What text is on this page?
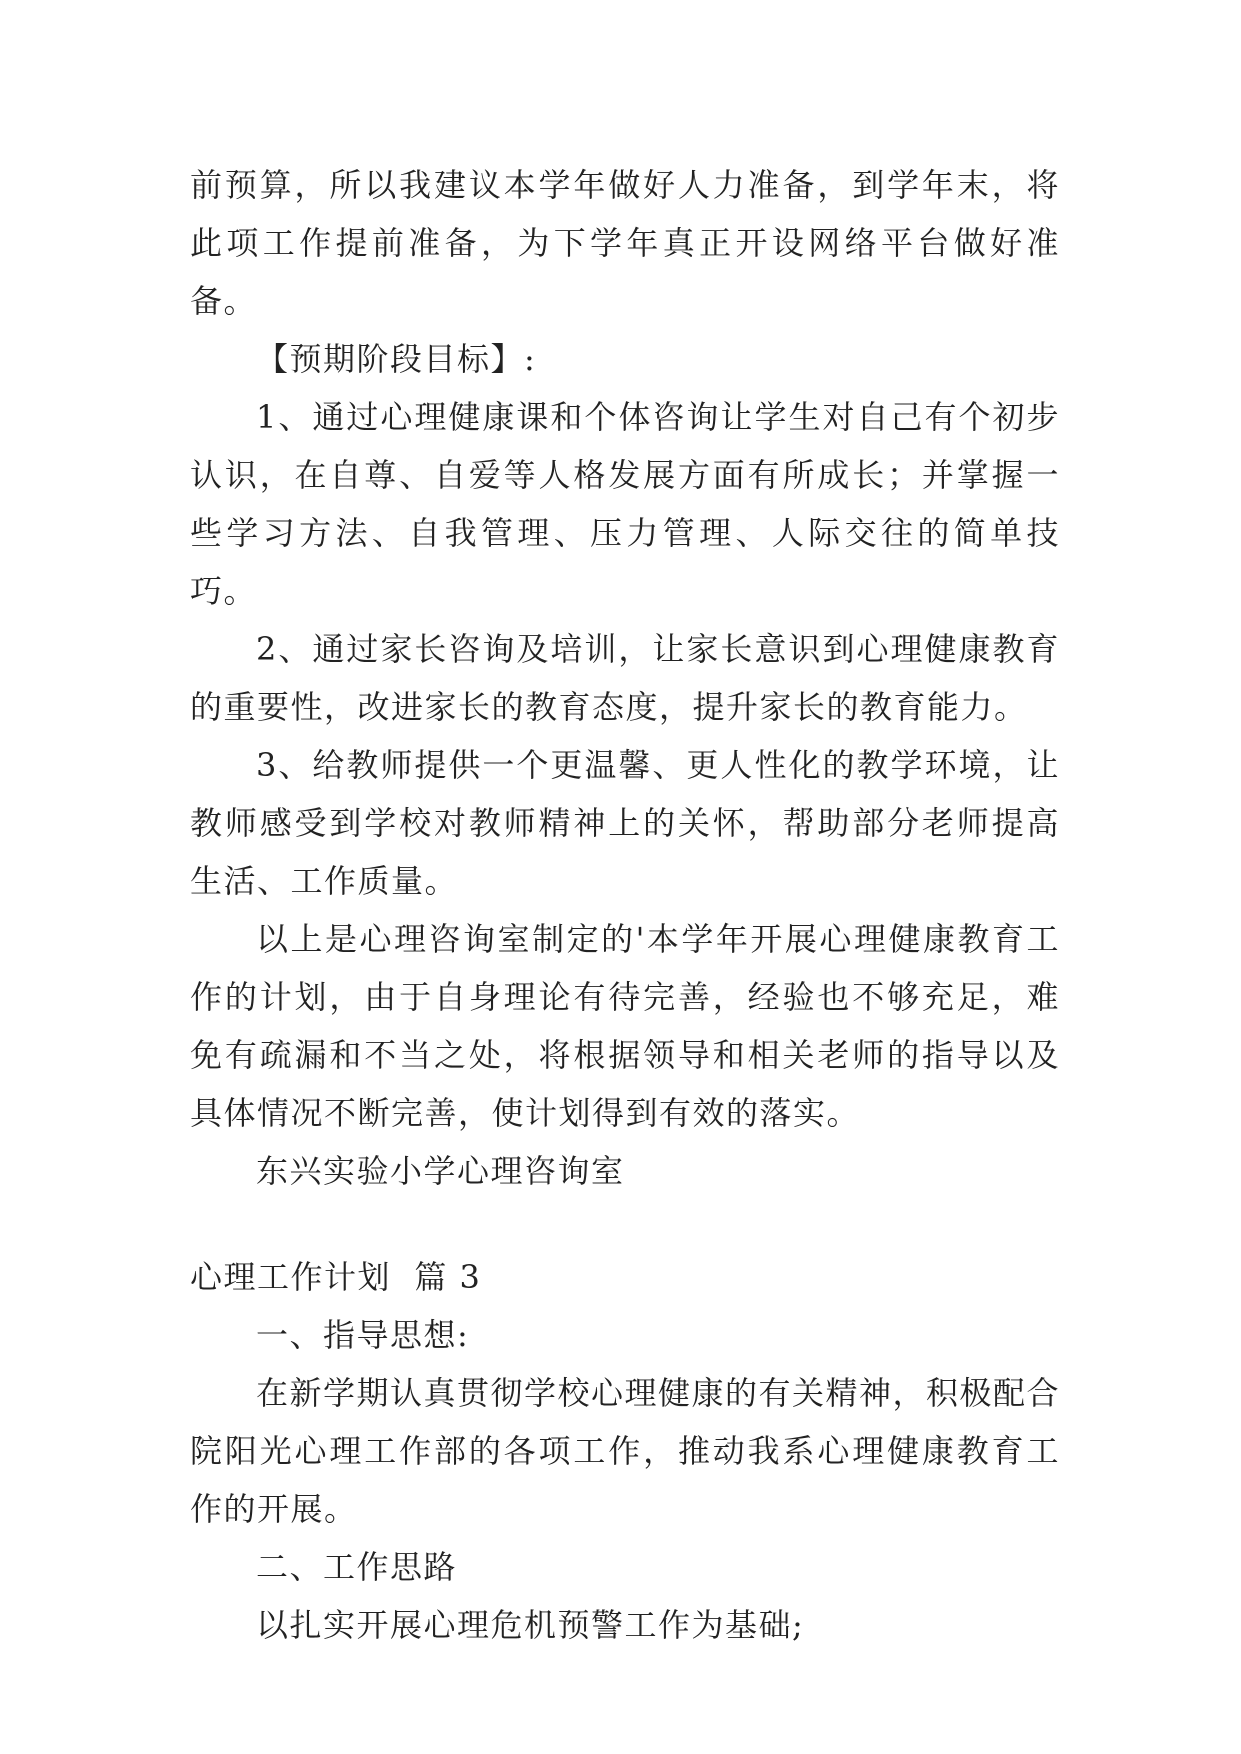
前预算，所以我建议本学年做好人力准备，到学年末，将此项工作提前准备，为下学年真正开设网络平台做好准备。

【预期阶段目标】:

1、通过心理健康课和个体咨询让学生对自己有个初步认识，在自尊、自爱等人格发展方面有所成长；并掌握一些学习方法、自我管理、压力管理、人际交往的简单技巧。

2、通过家长咨询及培训，让家长意识到心理健康教育的重要性，改进家长的教育态度，提升家长的教育能力。

3、给教师提供一个更温馨、更人性化的教学环境，让教师感受到学校对教师精神上的关怀，帮助部分老师提高生活、工作质量。

以上是心理咨询室制定的'本学年开展心理健康教育工作的计划，由于自身理论有待完善，经验也不够充足，难免有疏漏和不当之处，将根据领导和相关老师的指导以及具体情况不断完善，使计划得到有效的落实。

东兴实验小学心理咨询室

心理工作计划  篇 3

一、指导思想:

在新学期认真贯彻学校心理健康的有关精神，积极配合院阳光心理工作部的各项工作，推动我系心理健康教育工作的开展。

二、工作思路

以扎实开展心理危机预警工作为基础;
